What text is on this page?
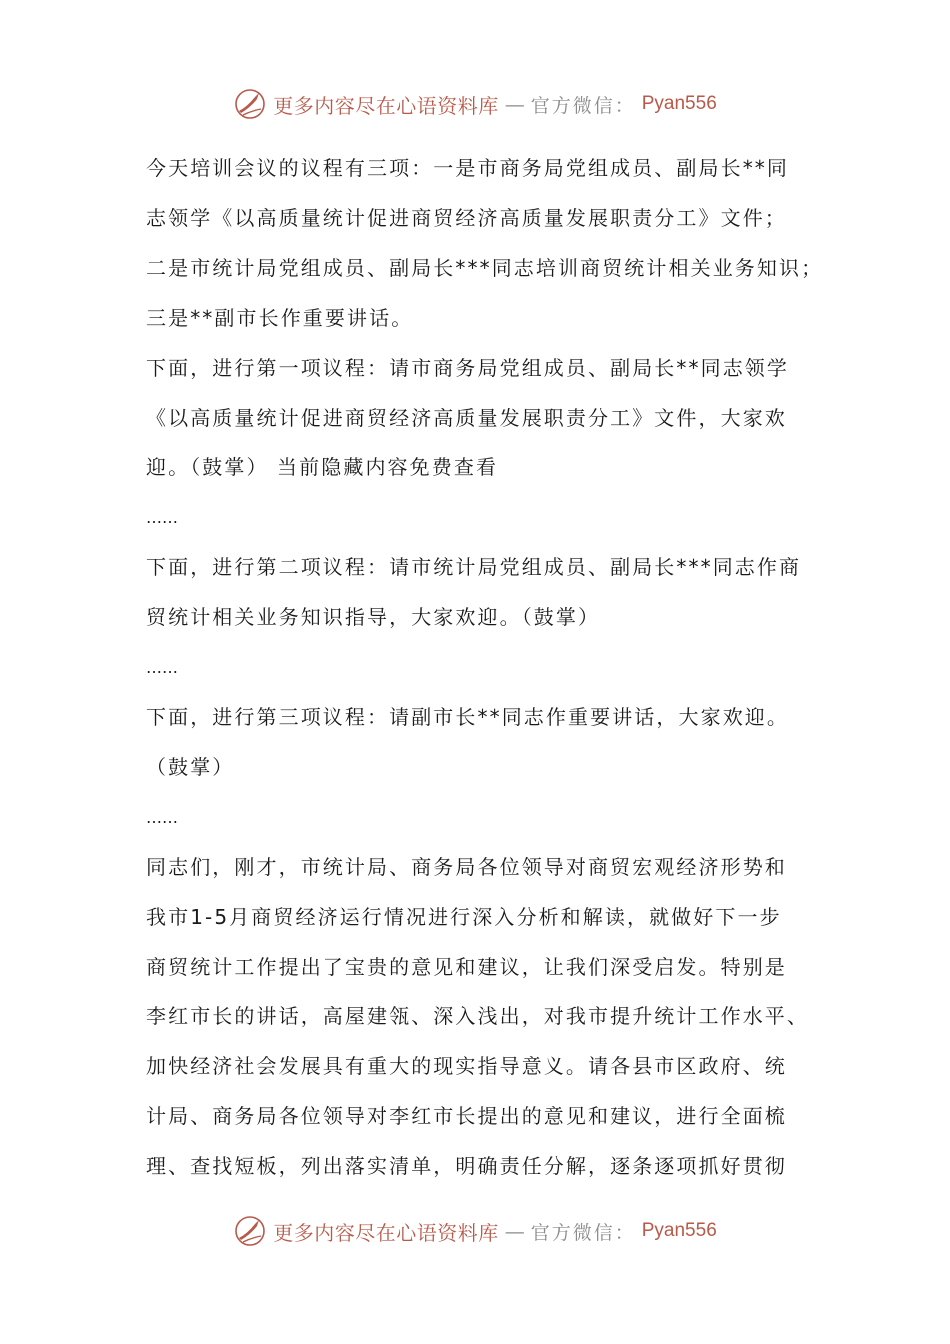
更多内容尽在心语资料库 — 官方微信： Pyan556
今天培训会议的议程有三项：一是市商务局党组成员、副局长**同
志领学《以高质量统计促进商贸经济高质量发展职责分工》文件；
二是市统计局党组成员、副局长***同志培训商贸统计相关业务知识；
三是**副市长作重要讲话。
下面，进行第一项议程：请市商务局党组成员、副局长**同志领学
《以高质量统计促进商贸经济高质量发展职责分工》文件，大家欢
迎。（鼓掌） 当前隐藏内容免费查看
……
下面，进行第二项议程：请市统计局党组成员、副局长***同志作商
贸统计相关业务知识指导，大家欢迎。（鼓掌）
……
下面，进行第三项议程：请副市长**同志作重要讲话，大家欢迎。
（鼓掌）
……
同志们，刚才，市统计局、商务局各位领导对商贸宏观经济形势和
我市1-5月商贸经济运行情况进行深入分析和解读，就做好下一步
商贸统计工作提出了宝贵的意见和建议，让我们深受启发。特别是
李红市长的讲话，高屋建瓴、深入浅出，对我市提升统计工作水平、
加快经济社会发展具有重大的现实指导意义。请各县市区政府、统
计局、商务局各位领导对李红市长提出的意见和建议，进行全面梳
理、查找短板，列出落实清单，明确责任分解，逐条逐项抓好贯彻
更多内容尽在心语资料库 — 官方微信： Pyan556
